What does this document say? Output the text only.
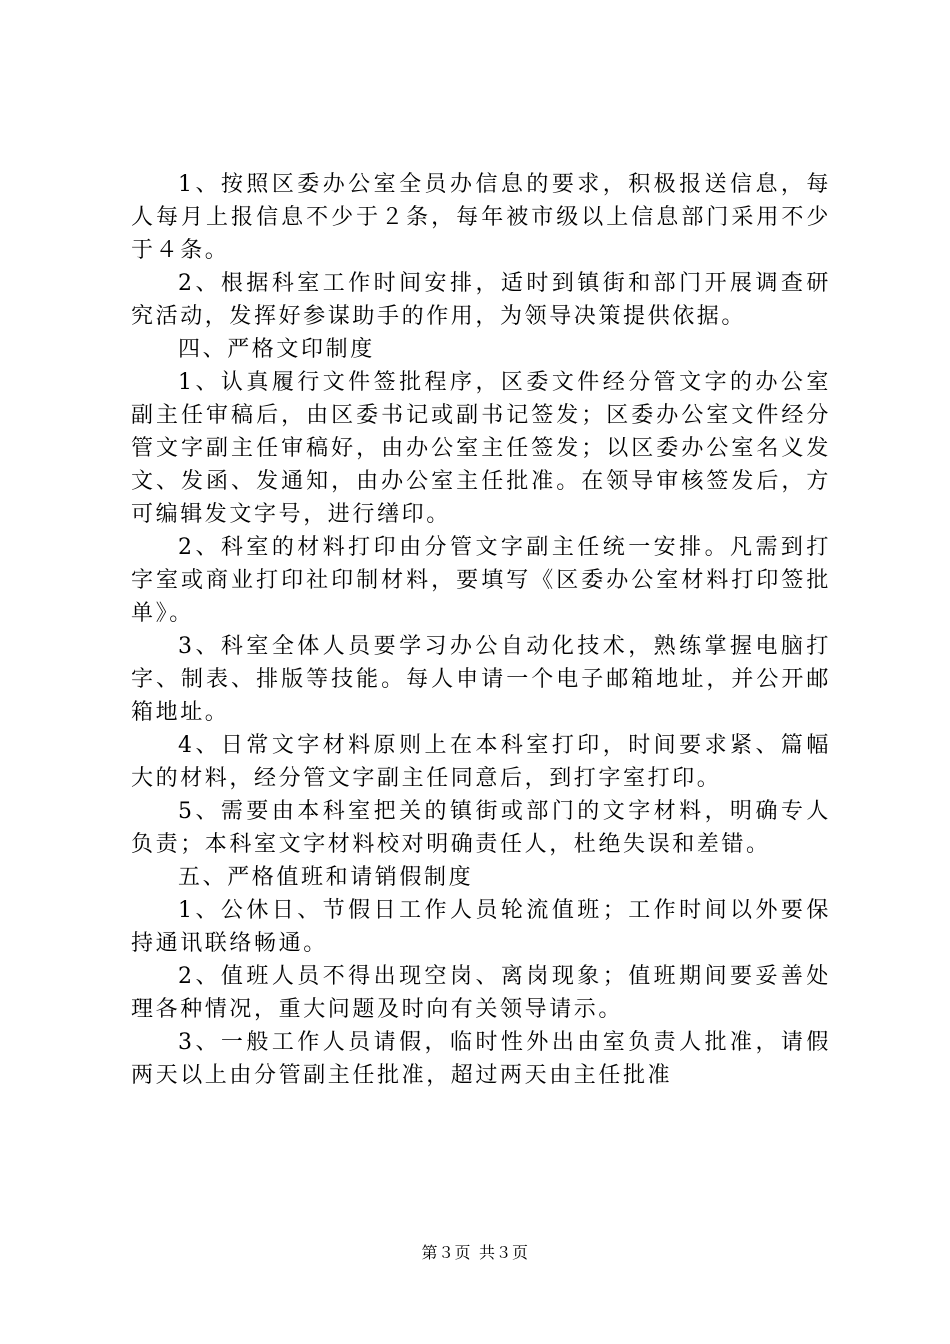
1、按照区委办公室全员办信息的要求，积极报送信息，每人每月上报信息不少于２条，每年被市级以上信息部门采用不少于４条。

2、根据科室工作时间安排，适时到镇街和部门开展调查研究活动，发挥好参谋助手的作用，为领导决策提供依据。

四、严格文印制度

1、认真履行文件签批程序，区委文件经分管文字的办公室副主任审稿后，由区委书记或副书记签发；区委办公室文件经分管文字副主任审稿好，由办公室主任签发；以区委办公室名义发文、发函、发通知，由办公室主任批准。在领导审核签发后，方可编辑发文字号，进行缮印。

2、科室的材料打印由分管文字副主任统一安排。凡需到打字室或商业打印社印制材料，要填写《区委办公室材料打印签批单》。

3、科室全体人员要学习办公自动化技术，熟练掌握电脑打字、制表、排版等技能。每人申请一个电子邮箱地址，并公开邮箱地址。

4、日常文字材料原则上在本科室打印，时间要求紧、篇幅大的材料，经分管文字副主任同意后，到打字室打印。

5、需要由本科室把关的镇街或部门的文字材料，明确专人负责；本科室文字材料校对明确责任人，杜绝失误和差错。

五、严格值班和请销假制度

1、公休日、节假日工作人员轮流值班；工作时间以外要保持通讯联络畅通。

2、值班人员不得出现空岗、离岗现象；值班期间要妥善处理各种情况，重大问题及时向有关领导请示。

3、一般工作人员请假，临时性外出由室负责人批准，请假两天以上由分管副主任批准，超过两天由主任批准

第３页 共３页
